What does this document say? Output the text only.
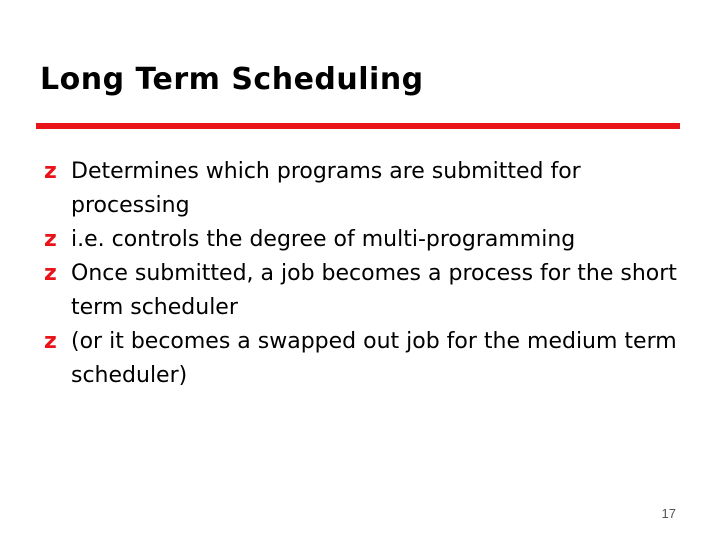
Long Term Scheduling
z Determines which programs are submitted for processing
z i.e. controls the degree of multi-programming
z Once submitted, a job becomes a process for the short term scheduler
z (or it becomes a swapped out job for the medium term scheduler)
17
